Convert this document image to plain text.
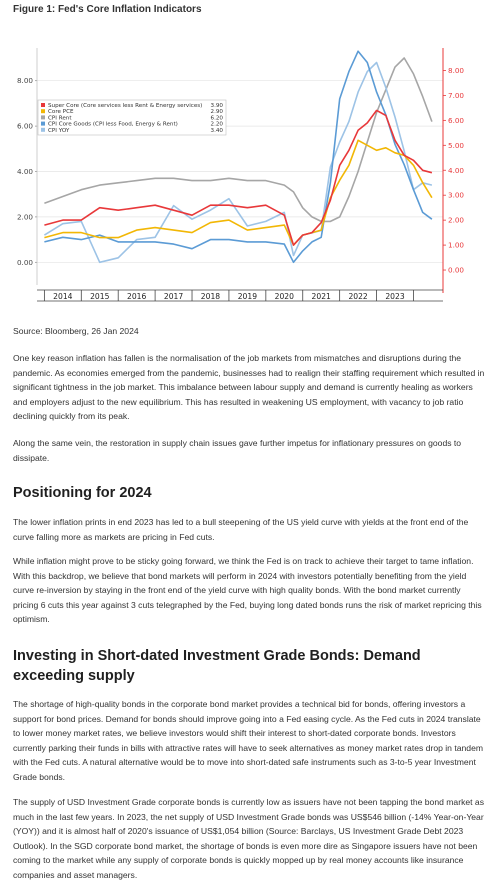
Figure 1: Fed's Core Inflation Indicators
8.00
6.00
4.00
2.00
0.00
8.00
7.00
6.00
5.00
4.00
3.00
2.00
1.00
0.00
Super Core (Core services less Rent & Energy services) 3.90
Core PCE	2.90
CPI Rent	6.20
CPI Core Goods (CPI less Food, Energy & Rent)	2.20
CPI YOY	3.40
2014 2015 2016 2017 2018 2019 2020 2021 2022 2023
Source: Bloomberg, 26 Jan 2024

One key reason inflation has fallen is the normalisation of the job markets from mismatches and disruptions during the pandemic. As economies emerged from the pandemic, businesses had to realign their staffing requirement which resulted in significant tightness in the job market. This imbalance between labour supply and demand is currently healing as workers and employers adjust to the new equilibrium. This has resulted in weakening US employment, with vacancy to job ratio declining quickly from its peak.

Along the same vein, the restoration in supply chain issues gave further impetus for inflationary pressures on goods to dissipate.

Positioning for 2024

The lower inflation prints in end 2023 has led to a bull steepening of the US yield curve with yields at the front end of the curve falling more as markets are pricing in Fed cuts.

While inflation might prove to be sticky going forward, we think the Fed is on track to achieve their target to tame inflation. With this backdrop, we believe that bond markets will perform in 2024 with investors potentially benefiting from the yield curve re-inversion by staying in the front end of the yield curve with high quality bonds. With the bond market currently pricing 6 cuts this year against 3 cuts telegraphed by the Fed, buying long dated bonds runs the risk of market repricing this optimism.

Investing in Short-dated Investment Grade Bonds: Demand exceeding supply

The shortage of high-quality bonds in the corporate bond market provides a technical bid for bonds, offering investors a support for bond prices. Demand for bonds should improve going into a Fed easing cycle. As the Fed cuts in 2024 translate to lower money market rates, we believe investors would shift their interest to short-dated corporate bonds. Investors currently parking their funds in bills with attractive rates will have to seek alternatives as money market rates drop in tandem with the Fed cuts. A natural alternative would be to move into short-dated safe instruments such as 3-to-5 year Investment Grade bonds.

The supply of USD Investment Grade corporate bonds is currently low as issuers have not been tapping the bond market as much in the last few years. In 2023, the net supply of USD Investment Grade bonds was US$546 billion (-14% Year-on-Year (YOY)) and it is almost half of 2020's issuance of US$1,054 billion (Source: Barclays, US Investment Grade Debt 2023 Outlook). In the SGD corporate bond market, the shortage of bonds is even more dire as Singapore issuers have not been coming to the market while any supply of corporate bonds is quickly mopped up by real money accounts like insurance companies and asset managers.
